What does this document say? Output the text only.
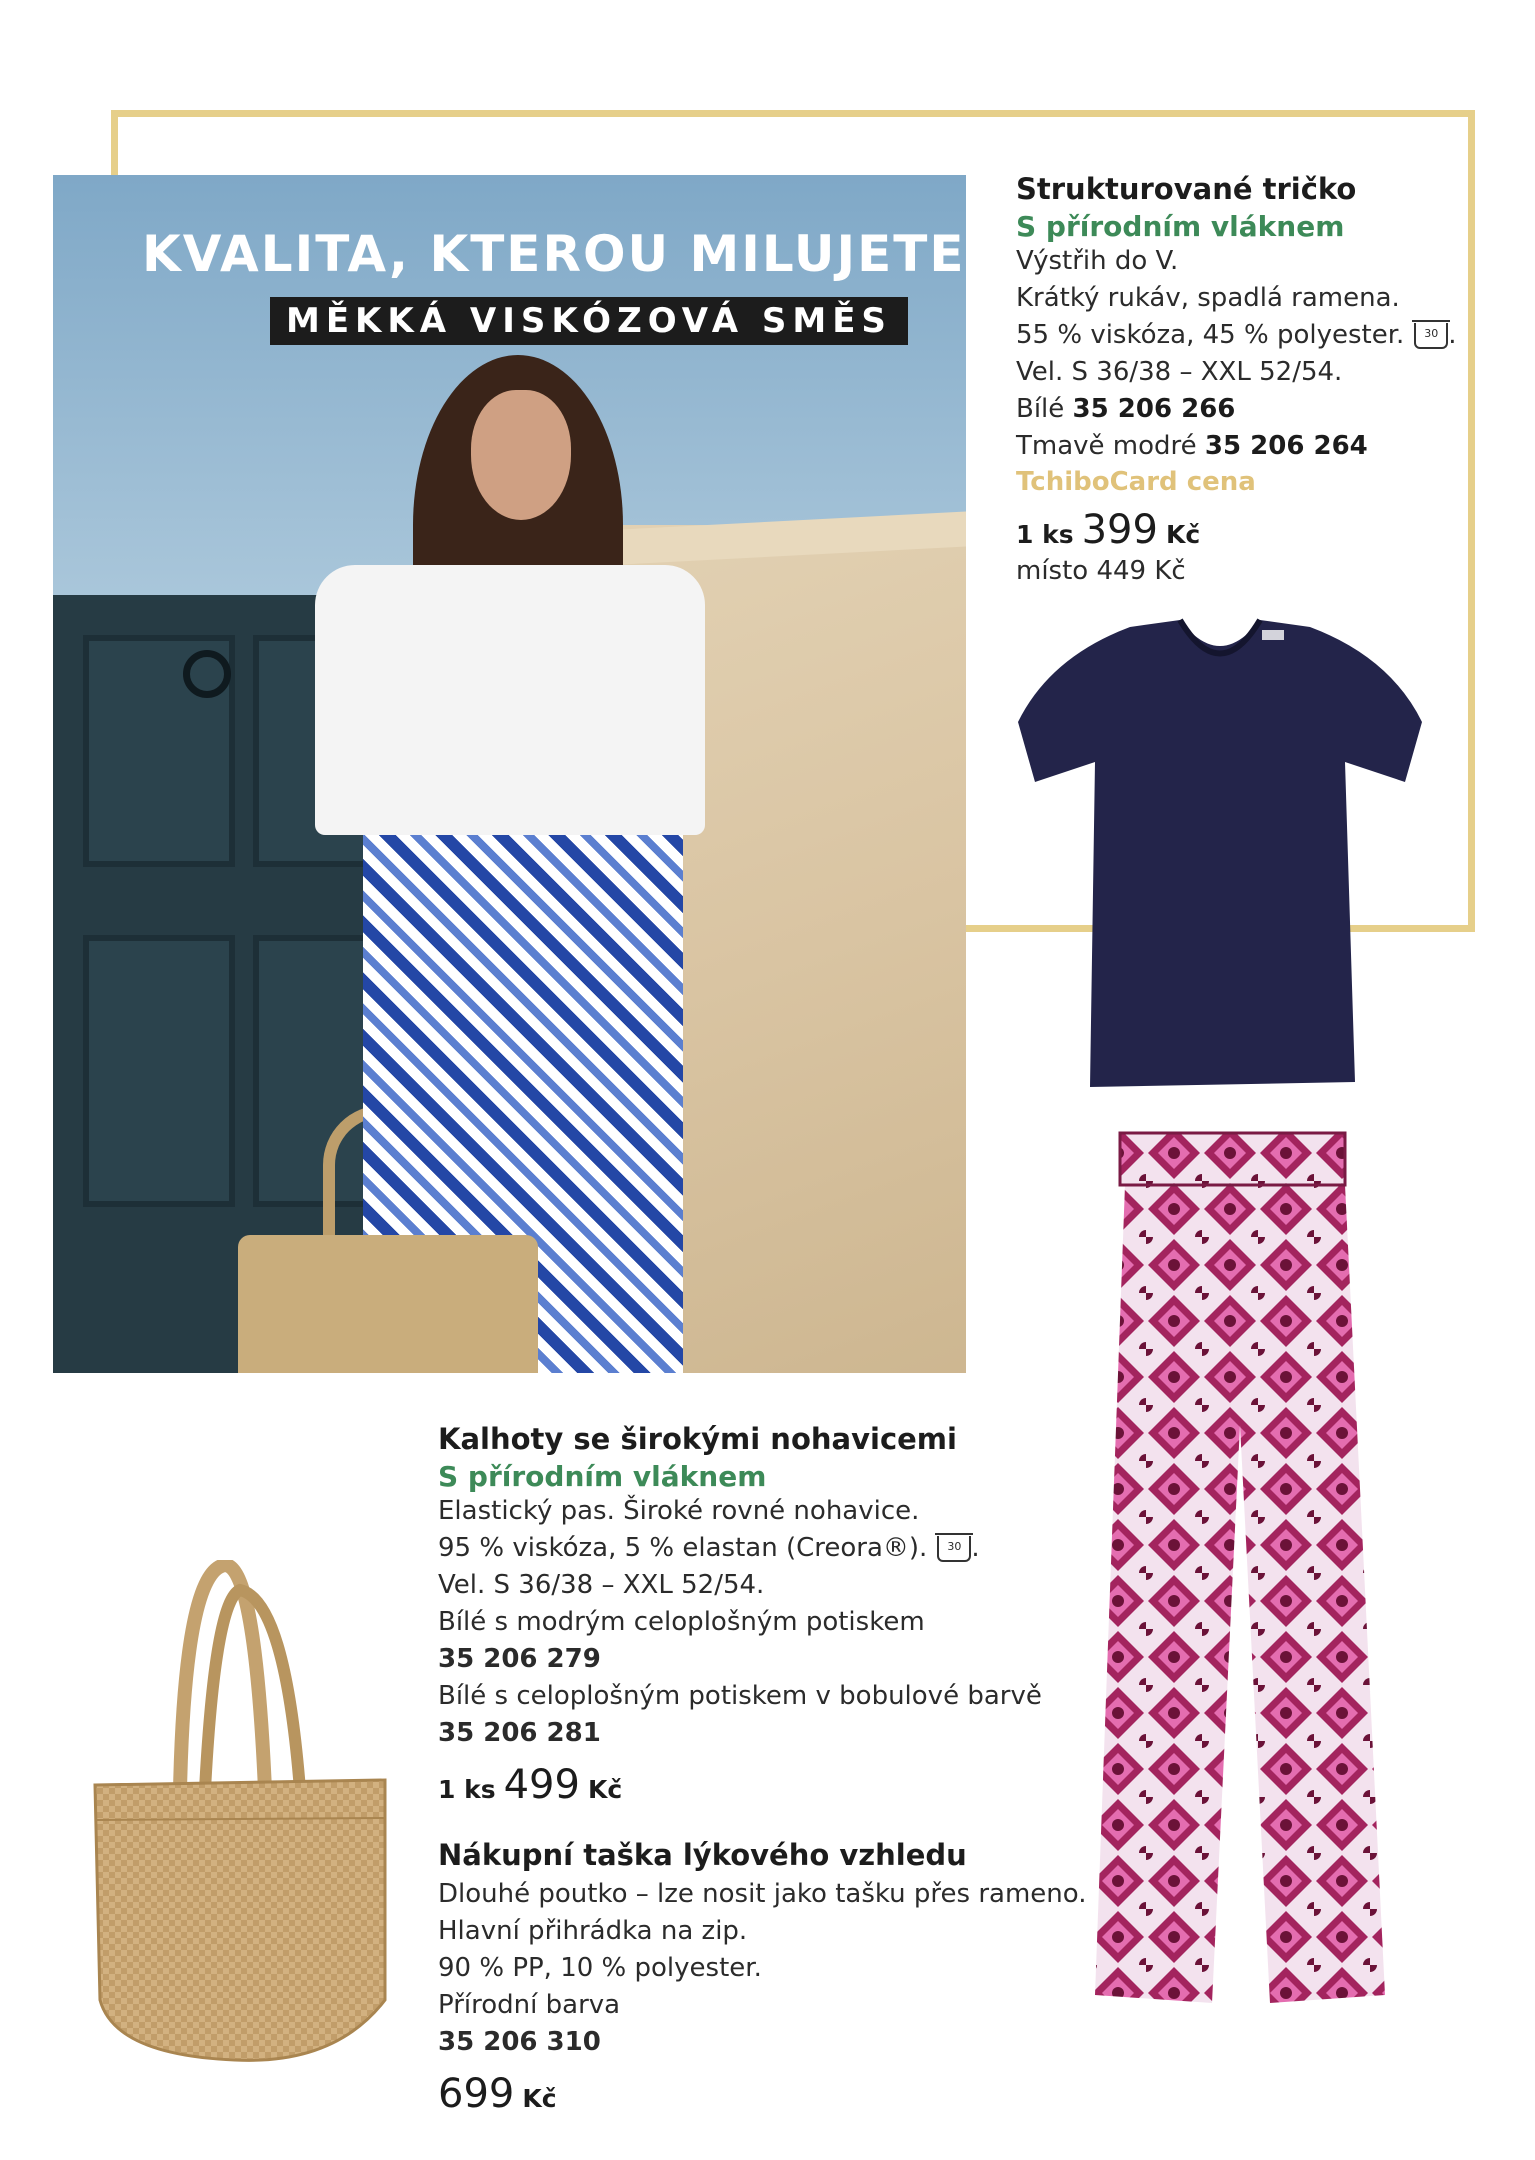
KVALITA, KTEROU MILUJETE.
MĚKKÁ VISKÓZOVÁ SMĚS
Strukturované tričko
S přírodním vláknem
Výstřih do V.
Krátký rukáv, spadlá ramena.
55 % viskóza, 45 % polyester. 30 .
Vel. S 36/38 – XXL 52/54.
Bílé 35 206 266
Tmavě modré 35 206 264
TchiboCard cena
1 ks 399 Kč
místo 449 Kč
Kalhoty se širokými nohavicemi
S přírodním vláknem
Elastický pas. Široké rovné nohavice.
95 % viskóza, 5 % elastan (Creora®). 30 .
Vel. S 36/38 – XXL 52/54.
Bílé s modrým celoplošným potiskem
35 206 279
Bílé s celoplošným potiskem v bobulové barvě
35 206 281
1 ks 499 Kč
Nákupní taška lýkového vzhledu
Dlouhé poutko – lze nosit jako tašku přes rameno.
Hlavní přihrádka na zip.
90 % PP, 10 % polyester.
Přírodní barva
35 206 310
699 Kč
